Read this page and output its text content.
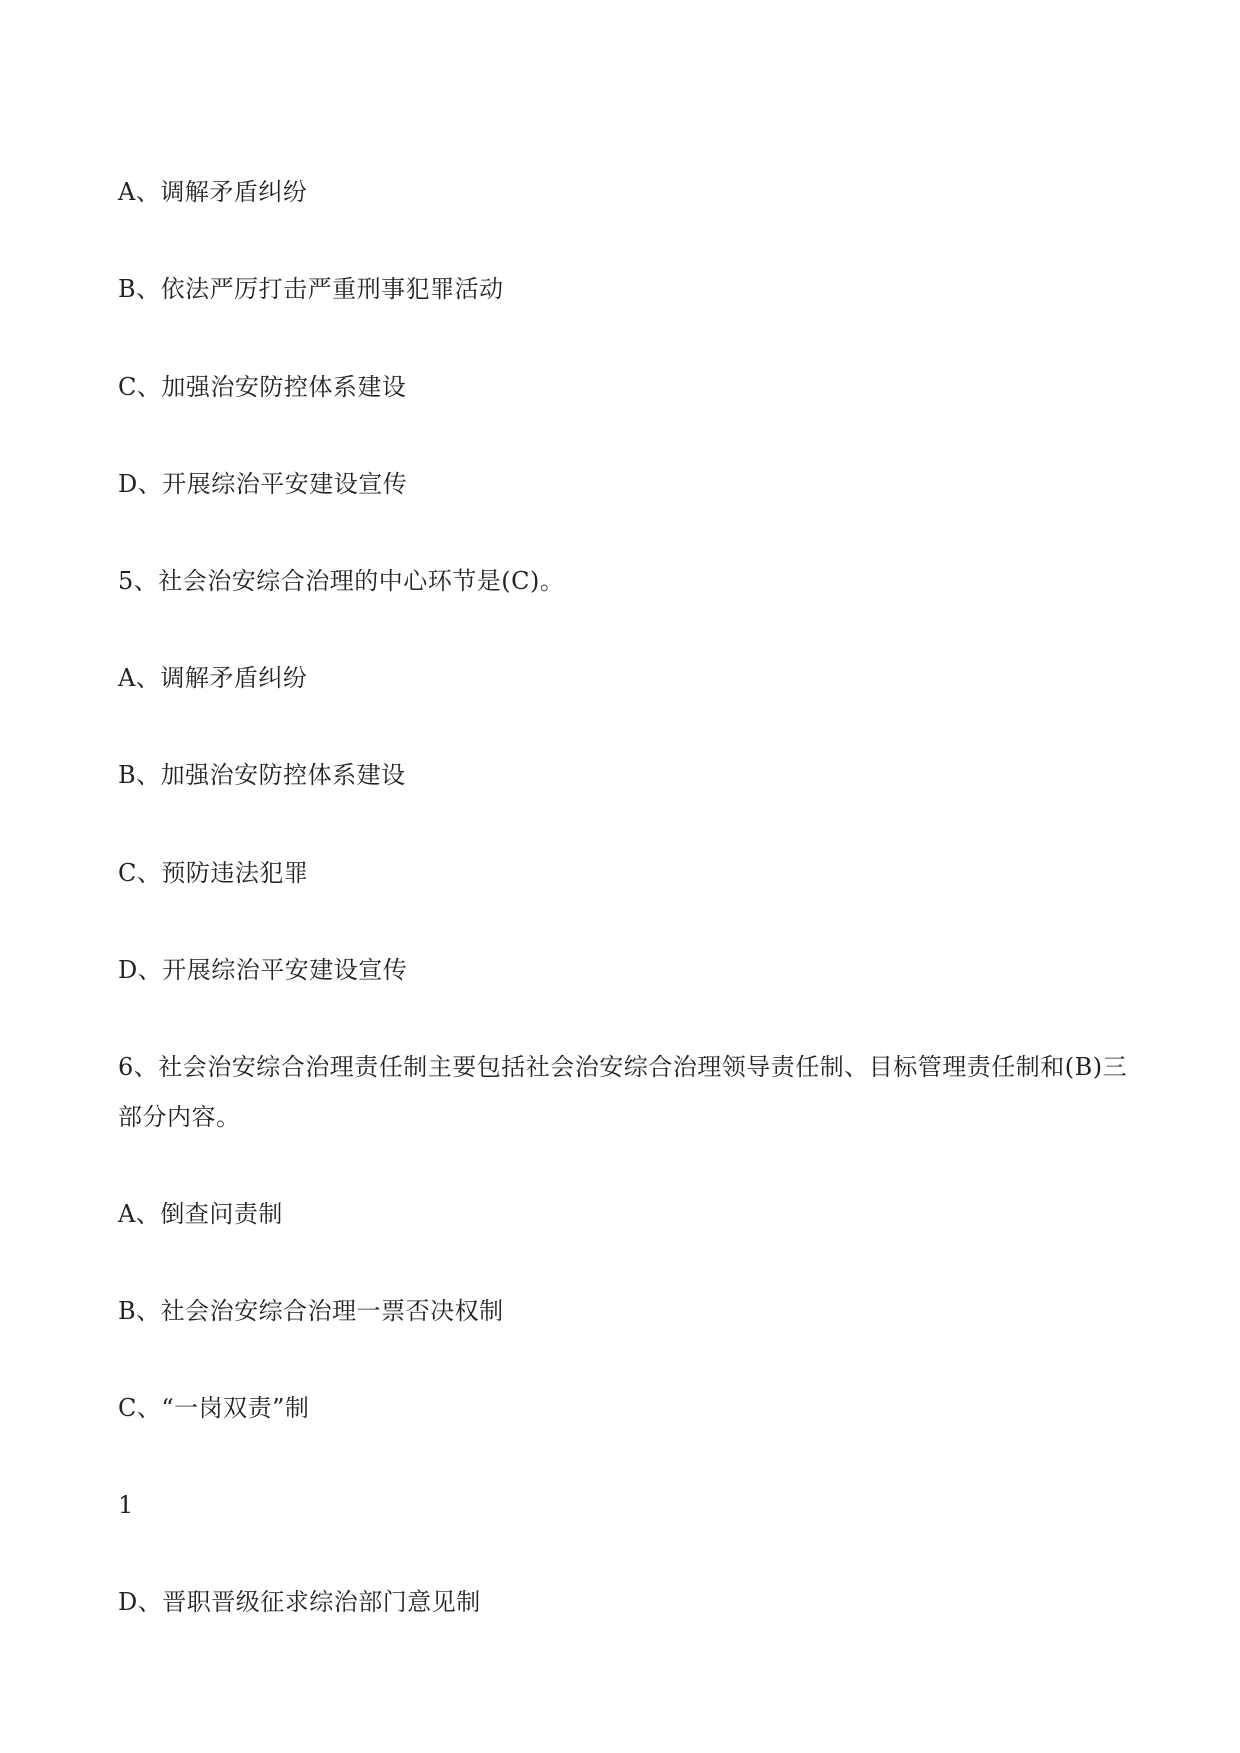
A、调解矛盾纠纷
B、依法严厉打击严重刑事犯罪活动
C、加强治安防控体系建设
D、开展综治平安建设宣传
5、社会治安综合治理的中心环节是(C)。
A、调解矛盾纠纷
B、加强治安防控体系建设
C、预防违法犯罪
D、开展综治平安建设宣传
6、社会治安综合治理责任制主要包括社会治安综合治理领导责任制、目标管理责任制和(B)三部分内容。
A、倒查问责制
B、社会治安综合治理一票否决权制
C、“一岗双责”制
1
D、晋职晋级征求综治部门意见制
